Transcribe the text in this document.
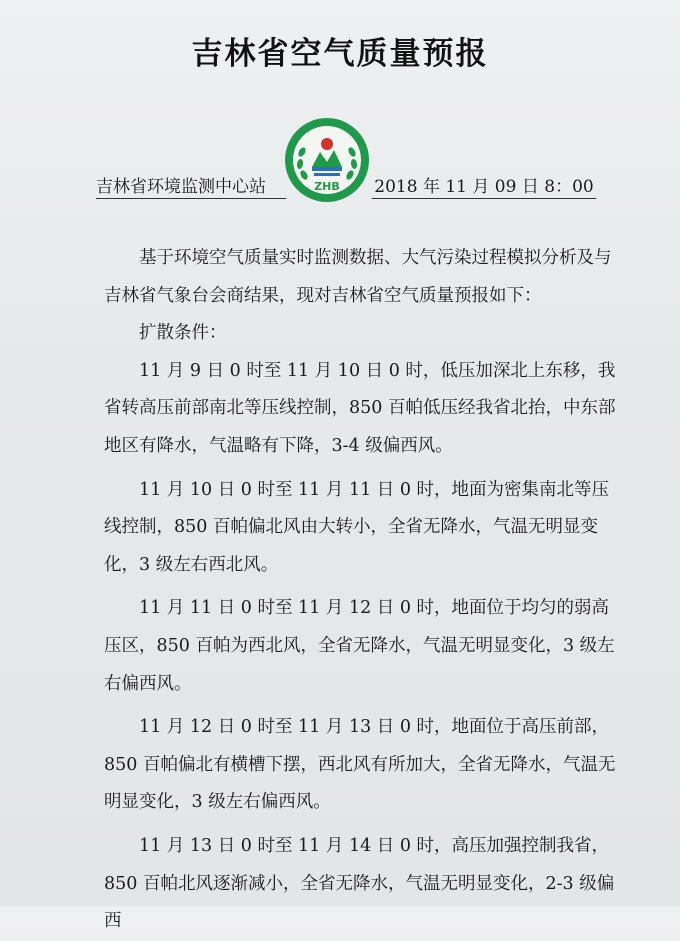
吉林省空气质量预报
ZHB
吉林省环境监测中心站	2018 年 11 月 09 日 8：00

基于环境空气质量实时监测数据、大气污染过程模拟分析及与吉林省气象台会商结果，现对吉林省空气质量预报如下：

扩散条件：

11 月 9 日 0 时至 11 月 10 日 0 时，低压加深北上东移，我省转高压前部南北等压线控制，850 百帕低压经我省北抬，中东部地区有降水，气温略有下降，3-4 级偏西风。

11 月 10 日 0 时至 11 月 11 日 0 时，地面为密集南北等压线控制，850 百帕偏北风由大转小，全省无降水，气温无明显变化，3 级左右西北风。

11 月 11 日 0 时至 11 月 12 日 0 时，地面位于均匀的弱高压区，850 百帕为西北风，全省无降水，气温无明显变化，3 级左右偏西风。

11 月 12 日 0 时至 11 月 13 日 0 时，地面位于高压前部，850 百帕偏北有横槽下摆，西北风有所加大，全省无降水，气温无明显变化，3 级左右偏西风。

11 月 13 日 0 时至 11 月 14 日 0 时，高压加强控制我省，850 百帕北风逐渐减小，全省无降水，气温无明显变化，2-3 级偏西
